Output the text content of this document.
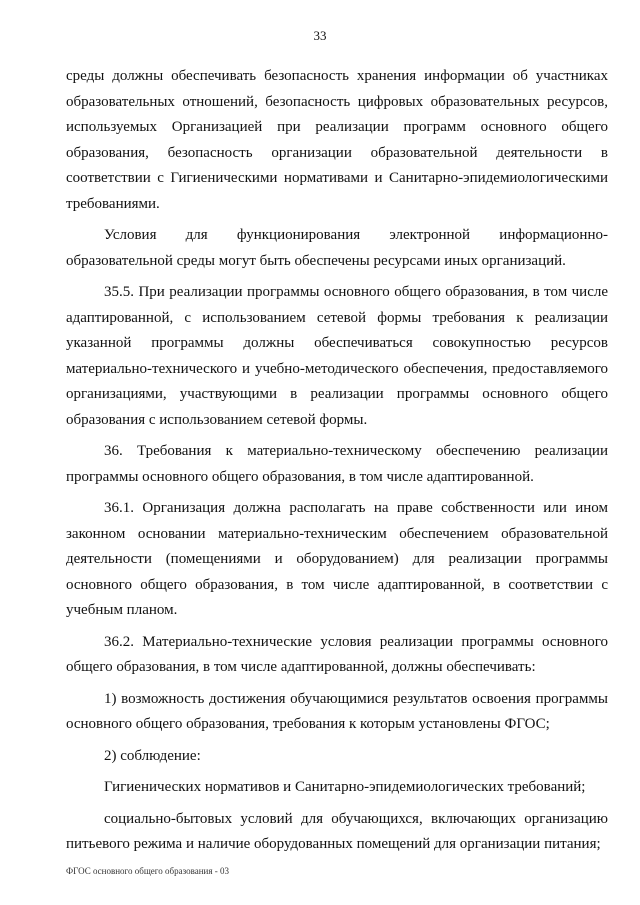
33

среды должны обеспечивать безопасность хранения информации об участниках образовательных отношений, безопасность цифровых образовательных ресурсов, используемых Организацией при реализации программ основного общего образования, безопасность организации образовательной деятельности в соответствии с Гигиеническими нормативами и Санитарно-эпидемиологическими требованиями.

Условия для функционирования электронной информационно-образовательной среды могут быть обеспечены ресурсами иных организаций.

35.5. При реализации программы основного общего образования, в том числе адаптированной, с использованием сетевой формы требования к реализации указанной программы должны обеспечиваться совокупностью ресурсов материально-технического и учебно-методического обеспечения, предоставляемого организациями, участвующими в реализации программы основного общего образования с использованием сетевой формы.

36. Требования к материально-техническому обеспечению реализации программы основного общего образования, в том числе адаптированной.

36.1. Организация должна располагать на праве собственности или ином законном основании материально-техническим обеспечением образовательной деятельности (помещениями и оборудованием) для реализации программы основного общего образования, в том числе адаптированной, в соответствии с учебным планом.

36.2. Материально-технические условия реализации программы основного общего образования, в том числе адаптированной, должны обеспечивать:

1) возможность достижения обучающимися результатов освоения программы основного общего образования, требования к которым установлены ФГОС;

2) соблюдение:

Гигиенических нормативов и Санитарно-эпидемиологических требований;

социально-бытовых условий для обучающихся, включающих организацию питьевого режима и наличие оборудованных помещений для организации питания;

ФГОС основного общего образования - 03
